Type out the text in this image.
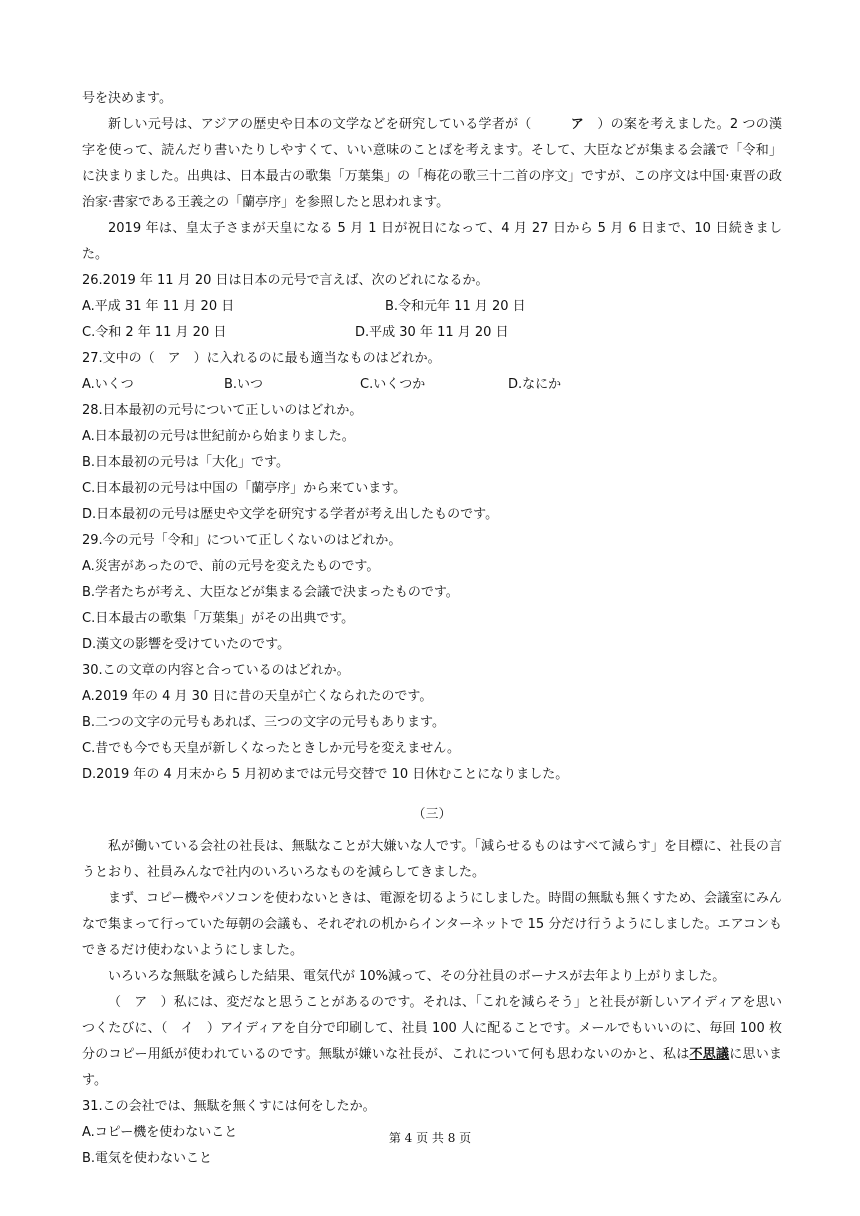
号を決めます。

新しい元号は、アジアの歴史や日本の文学などを研究している学者が（　ア　）の案を考えました。2 つの漢字を使って、読んだり書いたりしやすくて、いい意味のことばを考えます。そして、大臣などが集まる会議で「令和」に決まりました。出典は、日本最古の歌集「万葉集」の「梅花の歌三十二首の序文」ですが、この序文は中国·東晋の政治家·書家である王義之の「蘭亭序」を参照したと思われます。

2019 年は、皇太子さまが天皇になる 5 月 1 日が祝日になって、4 月 27 日から 5 月 6 日まで、10 日続きました。

26.2019 年 11 月 20 日は日本の元号で言えば、次のどれになるか。
A.平成 31 年 11 月 20 日	B.令和元年 11 月 20 日
C.令和 2 年 11 月 20 日	D.平成 30 年 11 月 20 日
27.文中の（　ア　）に入れるのに最も適当なものはどれか。
A.いくつ	B.いつ	C.いくつか	D.なにか
28.日本最初の元号について正しいのはどれか。
A.日本最初の元号は世紀前から始まりました。
B.日本最初の元号は「大化」です。
C.日本最初の元号は中国の「蘭亭序」から来ています。
D.日本最初の元号は歴史や文学を研究する学者が考え出したものです。
29.今の元号「令和」について正しくないのはどれか。
A.災害があったので、前の元号を変えたものです。
B.学者たちが考え、大臣などが集まる会議で決まったものです。
C.日本最古の歌集「万葉集」がその出典です。
D.漢文の影響を受けていたのです。
30.この文章の内容と合っているのはどれか。
A.2019 年の 4 月 30 日に昔の天皇が亡くなられたのです。
B.二つの文字の元号もあれば、三つの文字の元号もあります。
C.昔でも今でも天皇が新しくなったときしか元号を変えません。
D.2019 年の 4 月末から 5 月初めまでは元号交替で 10 日休むことになりました。
（三）

私が働いている会社の社長は、無駄なことが大嫌いな人です。「減らせるものはすべて減らす」を目標に、社長の言うとおり、社員みんなで社内のいろいろなものを減らしてきました。

まず、コピー機やパソコンを使わないときは、電源を切るようにしました。時間の無駄も無くすため、会議室にみんなで集まって行っていた毎朝の会議も、それぞれの机からインターネットで 15 分だけ行うようにしました。エアコンもできるだけ使わないようにしました。

いろいろな無駄を減らした結果、電気代が 10%減って、その分社員のボーナスが去年より上がりました。

（　ア　）私には、変だなと思うことがあるのです。それは、「これを減らそう」と社長が新しいアイディアを思いつくたびに、（　イ　）アイディアを自分で印刷して、社員 100 人に配ることです。メールでもいいのに、毎回 100 枚分のコピー用紙が使われているのです。無駄が嫌いな社長が、これについて何も思わないのかと、私は不思議に思います。

31.この会社では、無駄を無くすには何をしたか。
A.コピー機を使わないこと
B.電気を使わないこと
第 4 页 共 8 页
